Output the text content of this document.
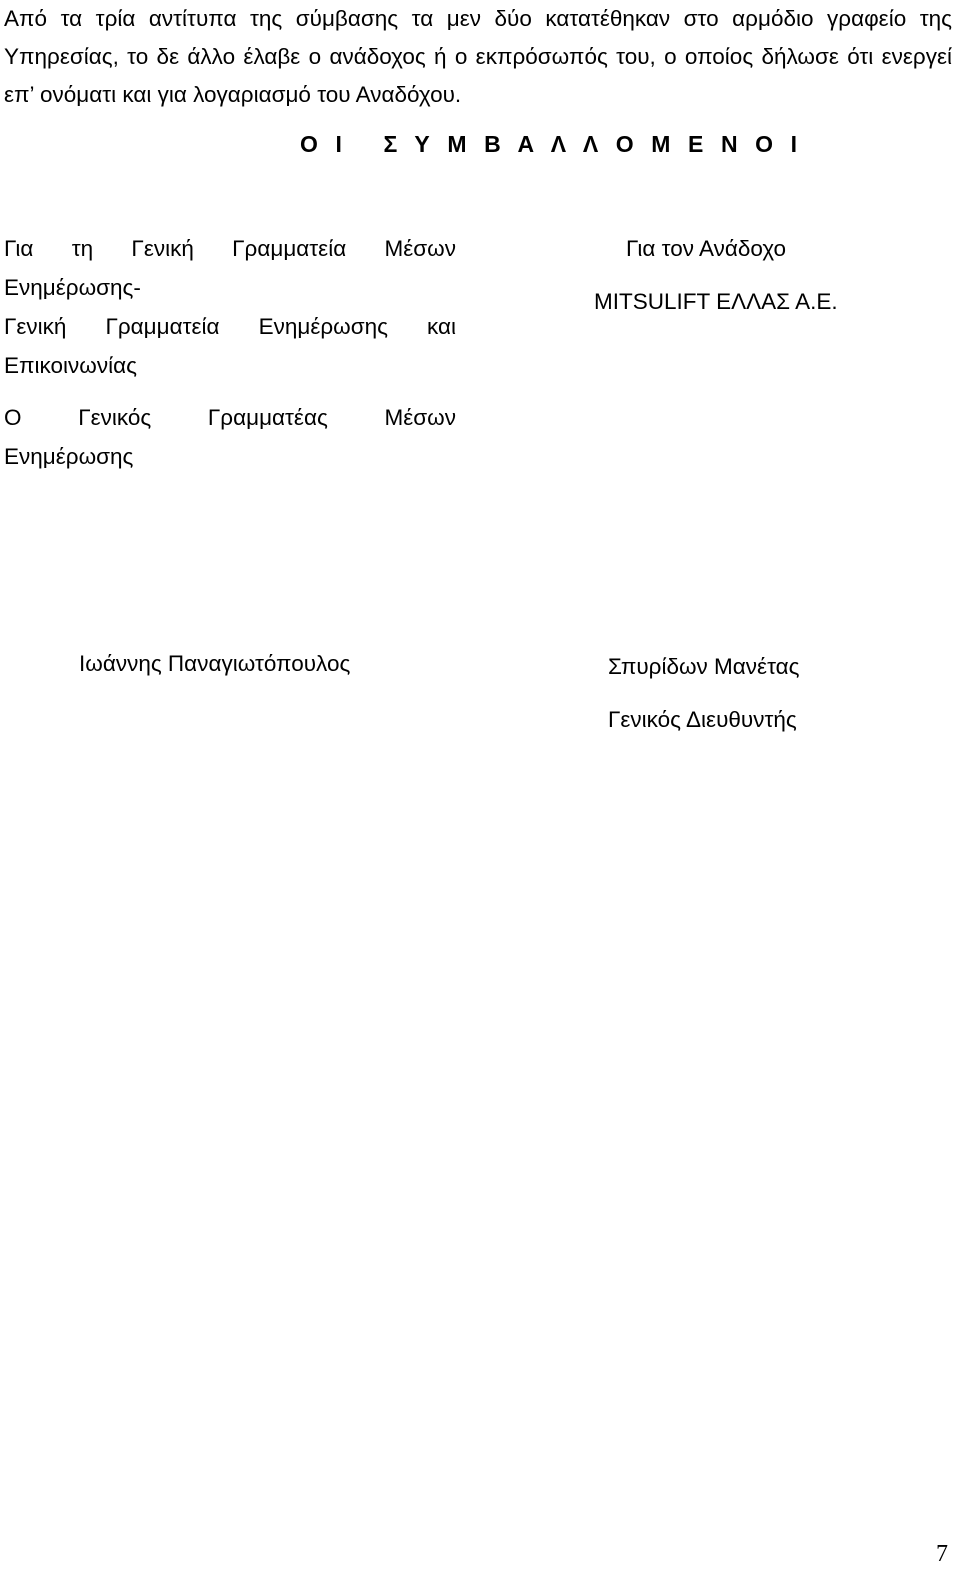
Από τα τρία αντίτυπα της σύμβασης τα μεν δύο κατατέθηκαν στο αρμόδιο γραφείο της Υπηρεσίας, το δε άλλο έλαβε ο ανάδοχος ή ο εκπρόσωπός του, ο οποίος δήλωσε ότι ενεργεί επ’ ονόματι και για λογαριασμό του Αναδόχου.

Ο Ι   Σ Υ Μ Β Α Λ Λ Ο Μ Ε Ν Ο Ι

Για τη Γενική Γραμματεία Μέσων

Ενημέρωσης-

Γενική Γραμματεία Ενημέρωσης και

Επικοινωνίας

Ο Γενικός Γραμματέας Μέσων

Ενημέρωσης

Για τον Ανάδοχο

MITSULIFT ΕΛΛΑΣ Α.Ε.

Ιωάννης Παναγιωτόπουλος	Σπυρίδων Μανέτας

Γενικός Διευθυντής

7
